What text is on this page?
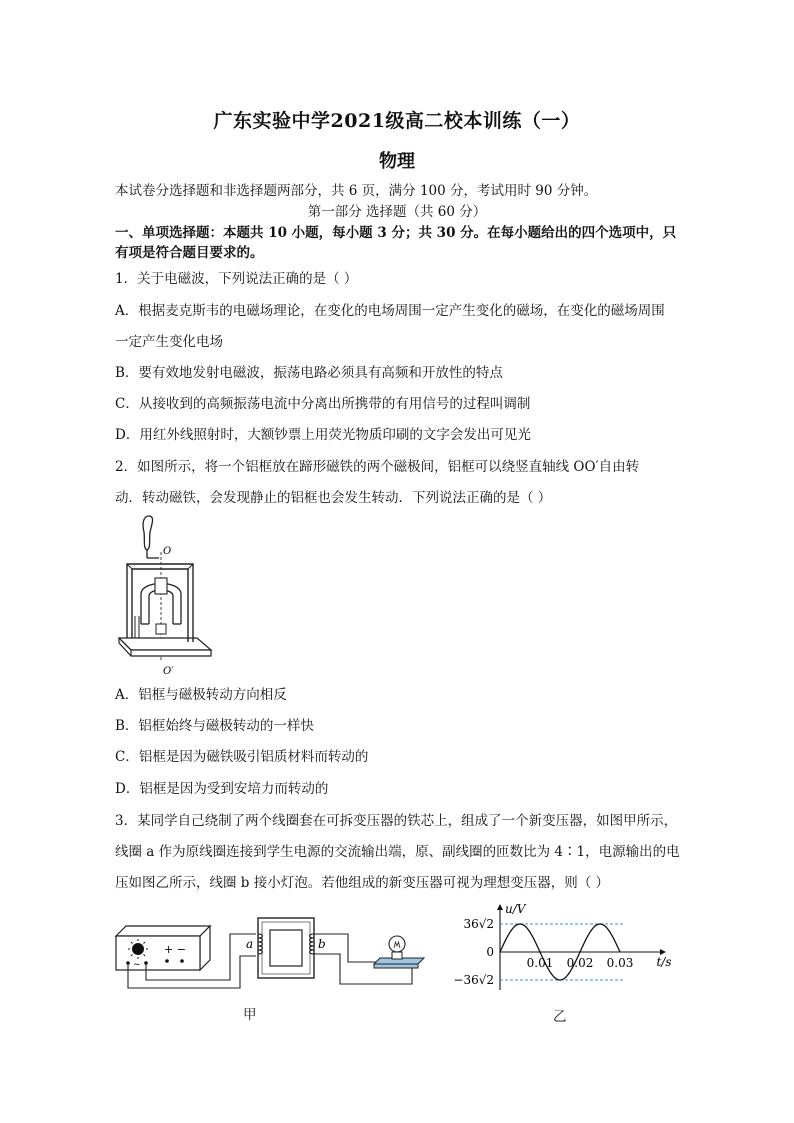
广东实验中学2021级高二校本训练（一）
物理
本试卷分选择题和非选择题两部分，共 6 页，满分 100 分，考试用时 90 分钟。
第一部分 选择题（共 60 分）
一、单项选择题：本题共 10 小题，每小题 3 分；共 30 分。在每小题给出的四个选项中，只
有项是符合题目要求的。
1．关于电磁波，下列说法正确的是（ ）
A．根据麦克斯韦的电磁场理论，在变化的电场周围一定产生变化的磁场，在变化的磁场周围
一定产生变化电场
B．要有效地发射电磁波，振荡电路必须具有高频和开放性的特点
C．从接收到的高频振荡电流中分离出所携带的有用信号的过程叫调制
D．用红外线照射时，大额钞票上用荧光物质印刷的文字会发出可见光
2．如图所示，将一个铝框放在蹄形磁铁的两个磁极间，铝框可以绕竖直轴线 OO′自由转
动．转动磁铁，会发现静止的铝框也会发生转动．下列说法正确的是（ ）
O
O′
A．铝框与磁极转动方向相反
B．铝框始终与磁极转动的一样快
C．铝框是因为磁铁吸引铝质材料而转动的
D．铝框是因为受到安培力而转动的
3．某同学自己绕制了两个线圈套在可拆变压器的铁芯上，组成了一个新变压器，如图甲所示，
线圈 a 作为原线圈连接到学生电源的交流输出端，原、副线圈的匝数比为 4∶1，电源输出的电
压如图乙所示，线圈 b 接小灯泡。若他组成的新变压器可视为理想变压器，则（ ）
+ −
~
a	b
甲
u/V
t/s
36√2
0
−36√2
0.01 0.02 0.03
乙
